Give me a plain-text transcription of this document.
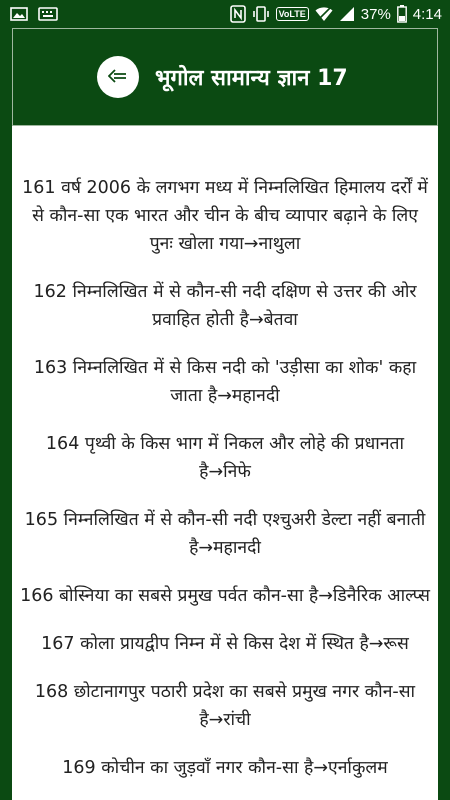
VoLTE	37% 4:14
भूगोल सामान्य ज्ञान 17

161 वर्ष 2006 के लगभग मध्य में निम्नलिखित हिमालय दर्रों में से कौन-सा एक भारत और चीन के बीच व्यापार बढ़ाने के लिए पुनः खोला गया→नाथुला

162 निम्नलिखित में से कौन-सी नदी दक्षिण से उत्तर की ओर प्रवाहित होती है→बेतवा

163 निम्नलिखित में से किस नदी को 'उड़ीसा का शोक' कहा जाता है→महानदी

164 पृथ्वी के किस भाग में निकल और लोहे की प्रधानता है→निफे

165 निम्नलिखित में से कौन-सी नदी एश्चुअरी डेल्टा नहीं बनाती है→महानदी

166 बोस्निया का सबसे प्रमुख पर्वत कौन-सा है→डिनैरिक आल्प्स

167 कोला प्रायद्वीप निम्न में से किस देश में स्थित है→रूस

168 छोटानागपुर पठारी प्रदेश का सबसे प्रमुख नगर कौन-सा है→रांची

169 कोचीन का जुड़वाँ नगर कौन-सा है→एर्नाकुलम
